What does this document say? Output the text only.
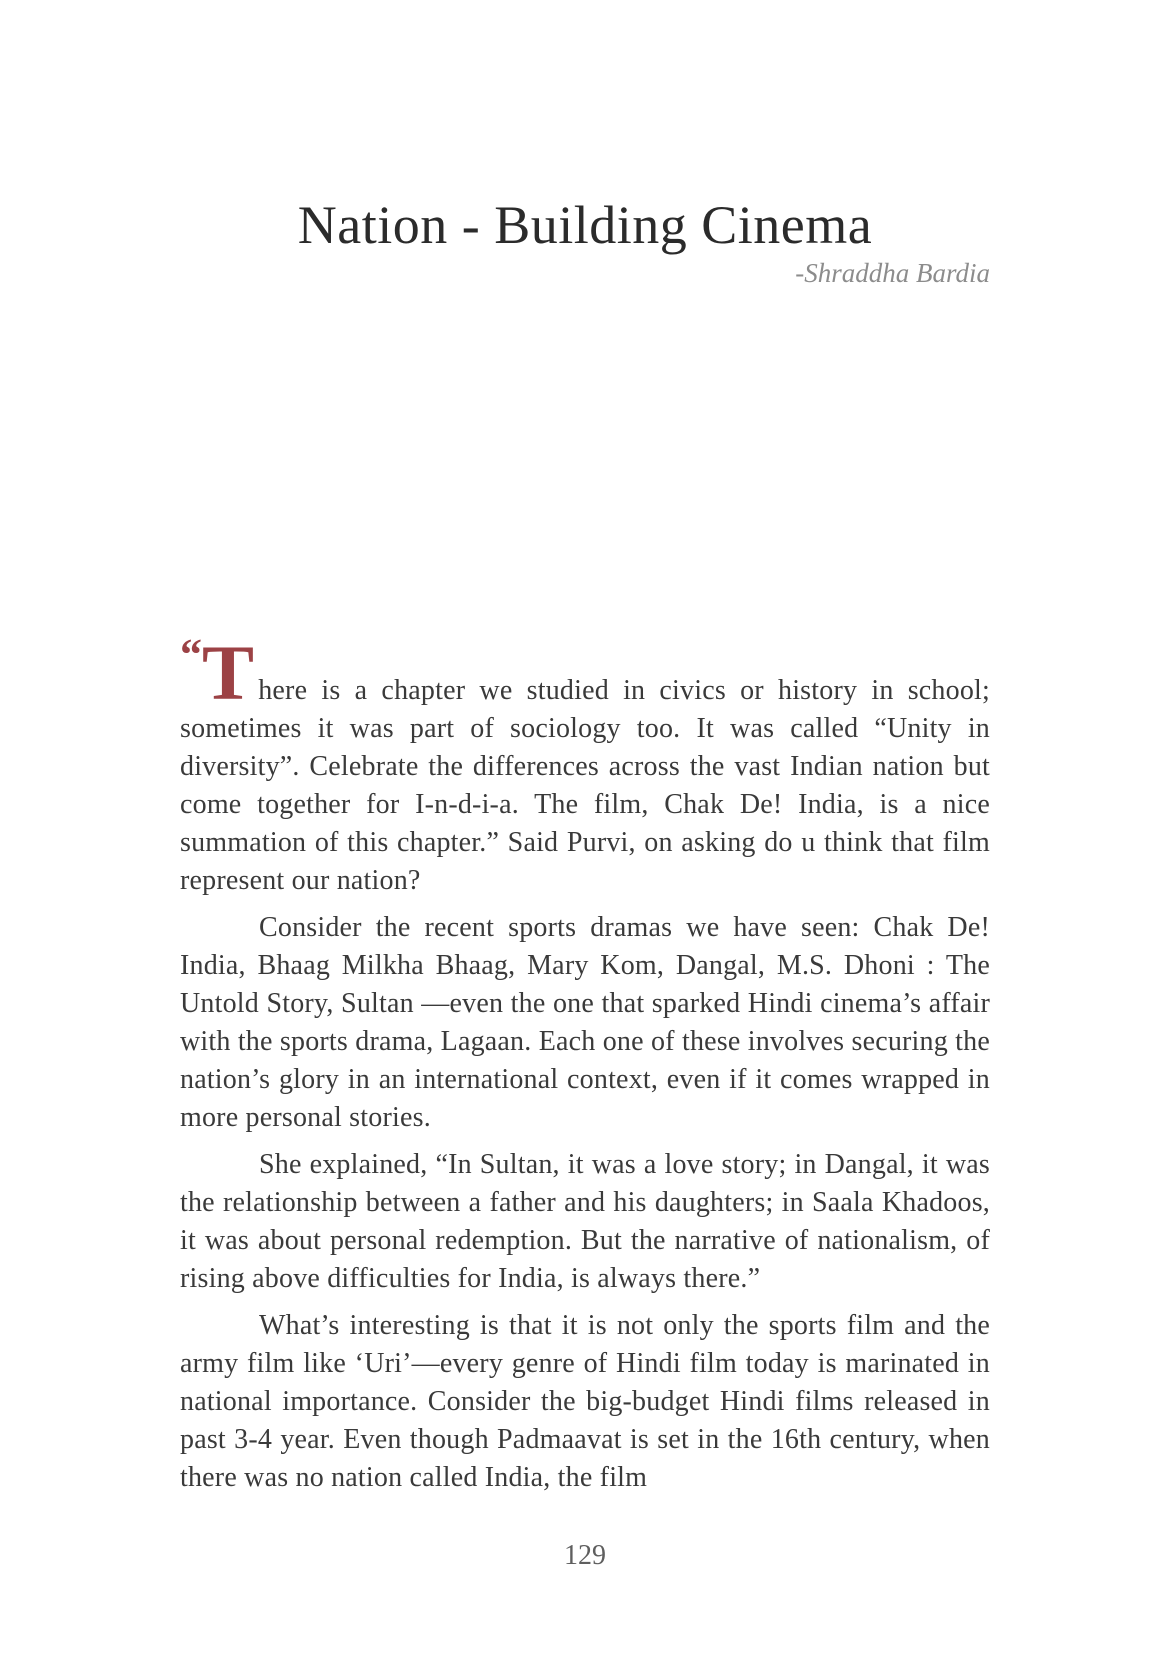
Nation - Building Cinema
-Shraddha Bardia

“T here is a chapter we studied in civics or history in school; sometimes it was part of sociology too. It was called “Unity in diversity”. Celebrate the differences across the vast Indian nation but come together for I-n-d-i-a. The film, Chak De! India, is a nice summation of this chapter.” Said Purvi, on asking do u think that film represent our nation?

Consider the recent sports dramas we have seen: Chak De! India, Bhaag Milkha Bhaag, Mary Kom, Dangal, M.S. Dhoni : The Untold Story, Sultan —even the one that sparked Hindi cinema’s affair with the sports drama, Lagaan. Each one of these involves securing the nation’s glory in an international context, even if it comes wrapped in more personal stories.

She explained, “In Sultan, it was a love story; in Dangal, it was the relationship between a father and his daughters; in Saala Khadoos, it was about personal redemption. But the narrative of nationalism, of rising above difficulties for India, is always there.”

What’s interesting is that it is not only the sports film and the army film like ‘Uri’—every genre of Hindi film today is marinated in national importance. Consider the big-budget Hindi films released in past 3-4 year. Even though Padmaavat is set in the 16th century, when there was no nation called India, the film

129
